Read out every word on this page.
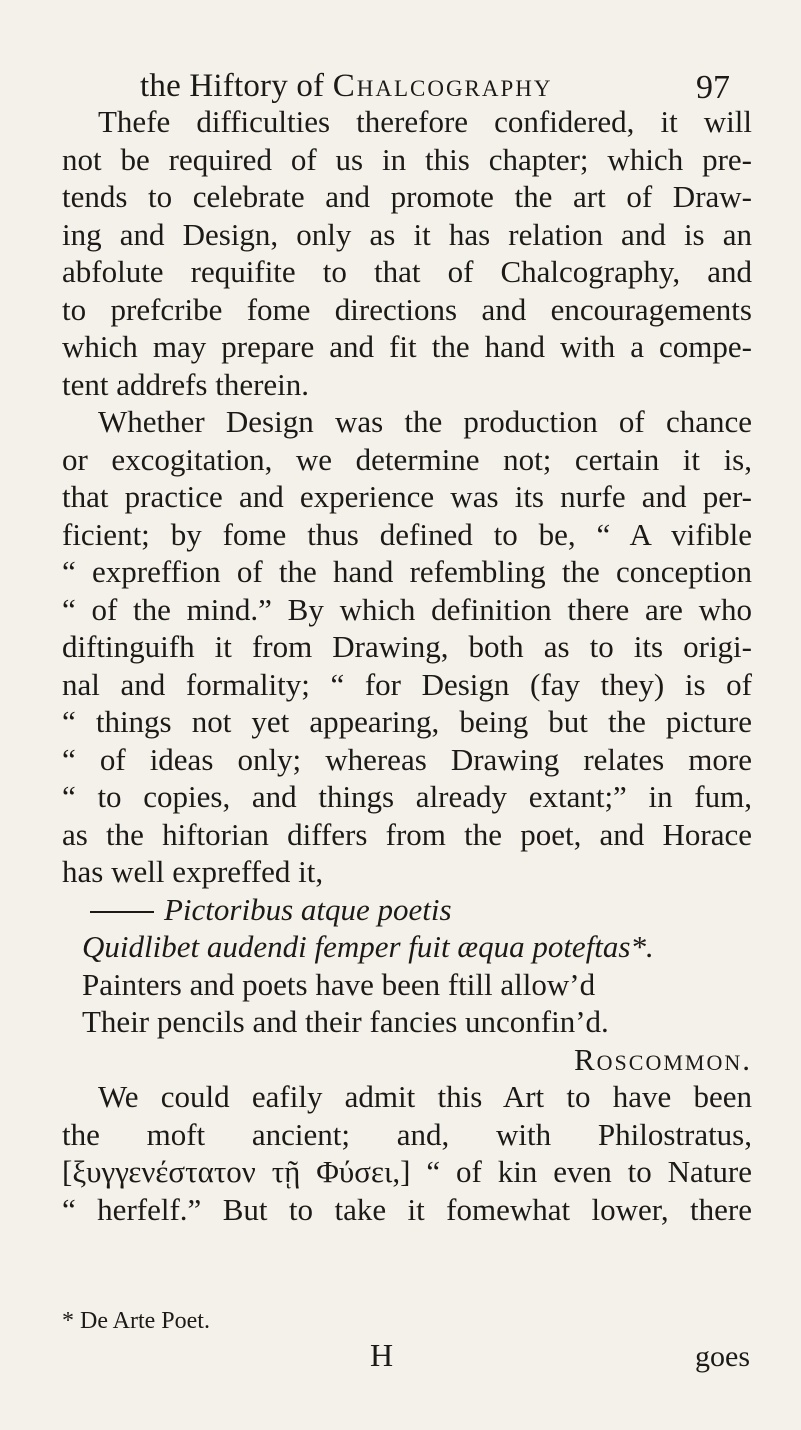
the Hiftory of Chalcography	97
Thefe difficulties therefore confidered, it will
not be required of us in this chapter; which pre-
tends to celebrate and promote the art of Draw-
ing and Design, only as it has relation and is an
abfolute requifite to that of Chalcography, and
to prefcribe fome directions and encouragements
which may prepare and fit the hand with a compe-
tent addrefs therein.
Whether Design was the production of chance
or excogitation, we determine not; certain it is,
that practice and experience was its nurfe and per-
ficient; by fome thus defined to be, “ A vifible
“ expreffion of the hand refembling the conception
“ of the mind.” By which definition there are who
diftinguifh it from Drawing, both as to its origi-
nal and formality; “ for Design (fay they) is of
“ things not yet appearing, being but the picture
“ of ideas only; whereas Drawing relates more
“ to copies, and things already extant;” in fum,
as the hiftorian differs from the poet, and Horace
has well expreffed it,
Pictoribus atque poetis
Quidlibet audendi femper fuit æqua poteftas*.
Painters and poets have been ftill allow’d
Their pencils and their fancies unconfin’d.
Roscommon.
We could eafily admit this Art to have been
the moft ancient; and, with Philostratus,
[ξυγγενέστατον τῇ Φύσει,] “ of kin even to Nature
“ herfelf.” But to take it fomewhat lower, there
* De Arte Poet.
H	goes
